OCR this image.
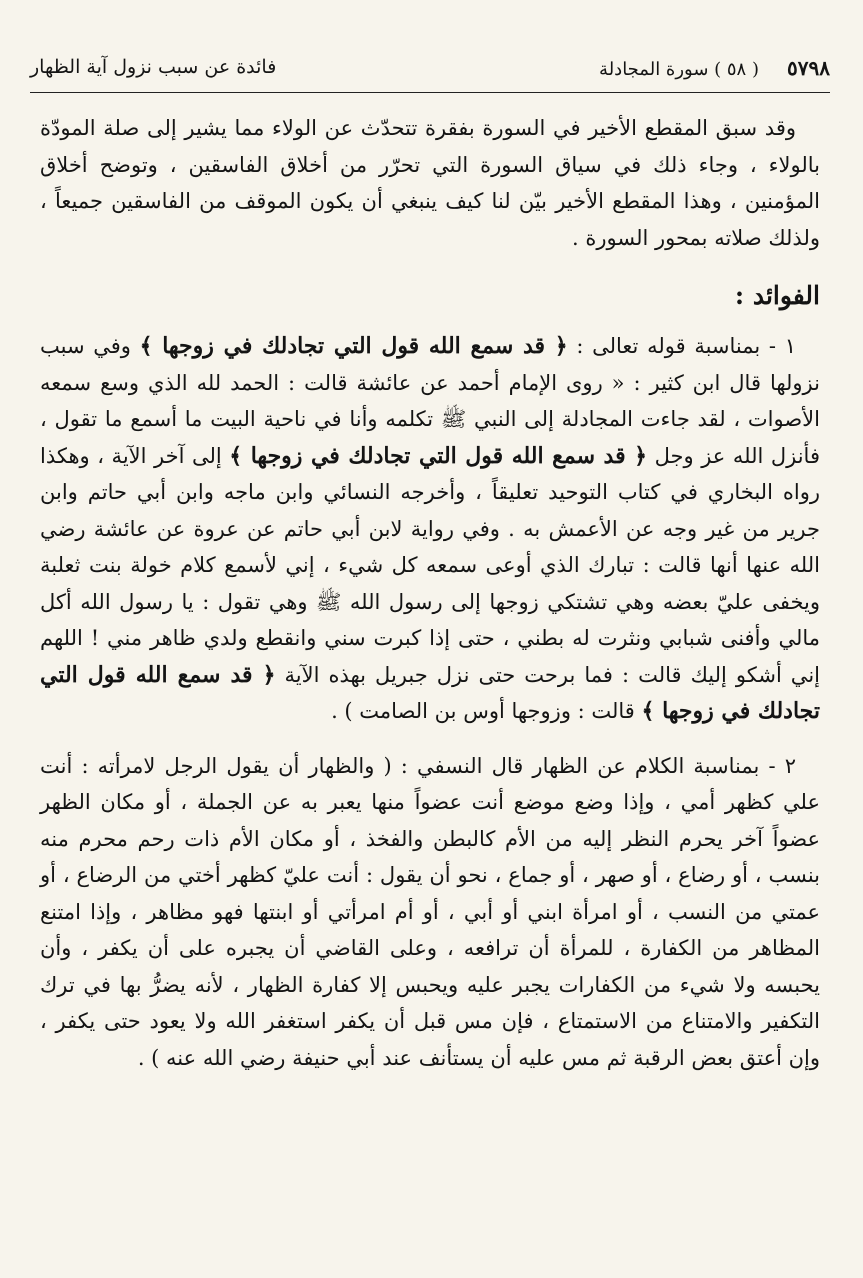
٥٧٩٨ ( ٥٨ ) سورة المجادلة
فائدة عن سبب نزول آية الظهار

وقد سبق المقطع الأخير في السورة بفقرة تتحدّث عن الولاء مما يشير إلى صلة المودّة بالولاء ، وجاء ذلك في سياق السورة التي تحرّر من أخلاق الفاسقين ، وتوضح أخلاق المؤمنين ، وهذا المقطع الأخير بيّن لنا كيف ينبغي أن يكون الموقف من الفاسقين جميعاً ، ولذلك صلاته بمحور السورة .

الفوائد :

١ - بمناسبة قوله تعالى : ﴿ قد سمع الله قول التي تجادلك في زوجها ﴾ وفي سبب نزولها قال ابن كثير : « روى الإمام أحمد عن عائشة قالت : الحمد لله الذي وسع سمعه الأصوات ، لقد جاءت المجادلة إلى النبي ﷺ تكلمه وأنا في ناحية البيت ما أسمع ما تقول ، فأنزل الله عز وجل ﴿ قد سمع الله قول التي تجادلك في زوجها ﴾ إلى آخر الآية ، وهكذا رواه البخاري في كتاب التوحيد تعليقاً ، وأخرجه النسائي وابن ماجه وابن أبي حاتم وابن جرير من غير وجه عن الأعمش به . وفي رواية لابن أبي حاتم عن عروة عن عائشة رضي الله عنها أنها قالت : تبارك الذي أوعى سمعه كل شيء ، إني لأسمع كلام خولة بنت ثعلبة ويخفى عليّ بعضه وهي تشتكي زوجها إلى رسول الله ﷺ وهي تقول : يا رسول الله أكل مالي وأفنى شبابي ونثرت له بطني ، حتى إذا كبرت سني وانقطع ولدي ظاهر مني ! اللهم إني أشكو إليك قالت : فما برحت حتى نزل جبريل بهذه الآية ﴿ قد سمع الله قول التي تجادلك في زوجها ﴾ قالت : وزوجها أوس بن الصامت ) .

٢ - بمناسبة الكلام عن الظهار قال النسفي : ( والظهار أن يقول الرجل لامرأته : أنت علي كظهر أمي ، وإذا وضع موضع أنت عضواً منها يعبر به عن الجملة ، أو مكان الظهر عضواً آخر يحرم النظر إليه من الأم كالبطن والفخذ ، أو مكان الأم ذات رحم محرم منه بنسب ، أو رضاع ، أو صهر ، أو جماع ، نحو أن يقول : أنت عليّ كظهر أختي من الرضاع ، أو عمتي من النسب ، أو امرأة ابني أو أبي ، أو أم امرأتي أو ابنتها فهو مظاهر ، وإذا امتنع المظاهر من الكفارة ، للمرأة أن ترافعه ، وعلى القاضي أن يجبره على أن يكفر ، وأن يحبسه ولا شيء من الكفارات يجبر عليه ويحبس إلا كفارة الظهار ، لأنه يضرُّ بها في ترك التكفير والامتناع من الاستمتاع ، فإن مس قبل أن يكفر استغفر الله ولا يعود حتى يكفر ، وإن أعتق بعض الرقبة ثم مس عليه أن يستأنف عند أبي حنيفة رضي الله عنه ) .
